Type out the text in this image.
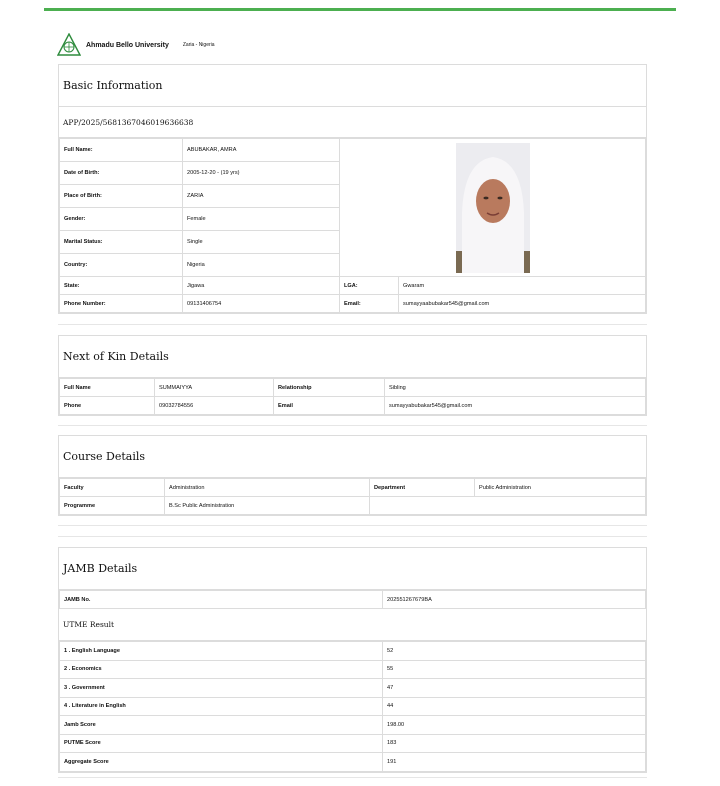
Ahmadu Bello University	Zaria - Nigeria
Basic Information
APP/2025/5681367046019636638
Full Name:	ABUBAKAR, AMRA	

Date of Birth:	2005-12-20 - (19 yrs)		
Place of Birth:	ZARIA		
Gender:	Female		
Marital Status:	Single		
Country:	Nigeria		
State:	Jigawa	LGA:	Gwaram
Phone Number:	09131406754	Email:	sumayyaabubakar545@gmail.com
Next of Kin Details
Full Name	SUMMAIYYA	Relationship	Sibling
Phone	09032784556	Email	sumayyabubakar545@gmail.com
Course Details
Faculty	Administration	Department	Public Administration
Programme	B.Sc Public Administration		
JAMB Details
JAMB No.	202551267679BA
UTME Result
1 . English Language	52
2 . Economics	55
3 . Government	47
4 . Literature in English	44
Jamb Score	198.00
PUTME Score	183
Aggregate Score	191
